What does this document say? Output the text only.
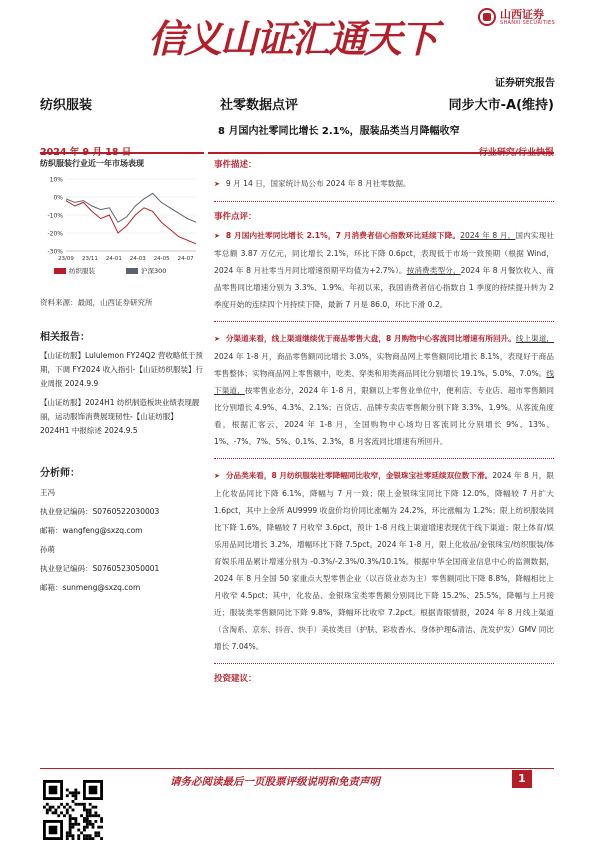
信义山证汇通天下
山西证券
SHANXI SECURITIES
证券研究报告
纺织服装	社零数据点评	同步大市-A(维持)
8 月国内社零同比增长 2.1%，服装品类当月降幅收窄
2024 年 9 月 18 日	行业研究/行业快报
纺织服装行业近一年市场表现
10%
0%
-10%
-20%
-30%
23/09 23/11 24-01 24-03 24-05 24-07
纺织服装	沪深300
资料来源：最闻，山西证券研究所
相关报告：
【山证纺服】Lululemon FY24Q2 营收略低于预期，下调 FY2024 收入指引-【山证纺织服装】行业周报 2024.9.9
【山证纺服】2024H1 纺织制造板块业绩表现靓丽，运动服饰消费展现韧性-【山证纺服】2024H1 中报综述 2024.9.5
分析师：
王冯
执业登记编码：S0760522030003
邮箱：wangfeng@sxzq.com
孙萌
执业登记编码：S0760523050001
邮箱：sunmeng@sxzq.com
事件描述：
➤ 9 月 14 日，国家统计局公布 2024 年 8 月社零数据。
事件点评：
➤ 8 月国内社零同比增长 2.1%，7 月消费者信心指数环比延续下降。2024 年 8 月，国内实现社零总额 3.87 万亿元，同比增长 2.1%，环比下降 0.6pct，表现低于市场一致预期（根据 Wind，2024 年 8 月社零当月同比增速预期平均值为+2.7%）。按消费类型分，2024 年 8 月餐饮收入、商品零售同比增速分别为 3.3%、1.9%。年初以来，我国消费者信心指数自 1 季度的持续提升转为 2 季度开始的连续四个月持续下降，最新 7 月是 86.0，环比下滑 0.2。
➤ 分渠道来看，线上渠道继续优于商品零售大盘，8 月购物中心客流同比增速有所回升。线上渠道，2024 年 1-8 月，商品零售额同比增长 3.0%，实物商品网上零售额同比增长 8.1%，表现好于商品零售整体；实物商品网上零售额中，吃类、穿类和用类商品同比分别增长 19.1%、5.0%、7.0%。线下渠道，按零售业态分，2024 年 1-8 月，限额以上零售业单位中，便利店、专业店、超市零售额同比分别增长 4.9%、4.3%、2.1%；百货店、品牌专卖店零售额分别下降 3.3%、1.9%。从客流角度看，根据汇客云，2024 年 1-8 月，全国购物中心场均日客流同比分别增长 9%、13%、1%、-7%、7%、5%、0.1%、2.3%，8 月客流同比增速有所回升。
➤ 分品类来看，8 月纺织服装社零降幅同比收窄，金银珠宝社零延续双位数下滑。2024 年 8 月，限上化妆品同比下降 6.1%，降幅与 7 月一致；限上金银珠宝同比下降 12.0%，降幅较 7 月扩大 1.6pct，其中上金所 AU9999 收盘价均价同比涨幅为 24.2%，环比涨幅为 1.2%；限上纺织服装同比下降 1.6%，降幅较 7 月收窄 3.6pct，预计 1-8 月线上渠道增速表现优于线下渠道；限上体育/娱乐用品同比增长 3.2%，增幅环比下降 7.5pct。2024 年 1-8 月，限上化妆品/金银珠宝/纺织服装/体育娱乐用品累计增速分别为 -0.3%/-2.3%/0.3%/10.1%。根据中华全国商业信息中心的监测数据，2024 年 8 月全国 50 家重点大型零售企业（以百货业态为主）零售额同比下降 8.8%，降幅相比上月收窄 4.5pct；其中，化妆品、金银珠宝类零售额分别同比下降 15.2%、25.5%，降幅与上月接近；服装类零售额同比下降 9.8%，降幅环比收窄 7.2pct。根据青眼情报，2024 年 8 月线上渠道（含淘系、京东、抖音、快手）美妆类目（护肤、彩妆香水、身体护理&清洁、洗发护发）GMV 同比增长 7.04%。
投资建议：
请务必阅读最后一页股票评级说明和免责声明	1
